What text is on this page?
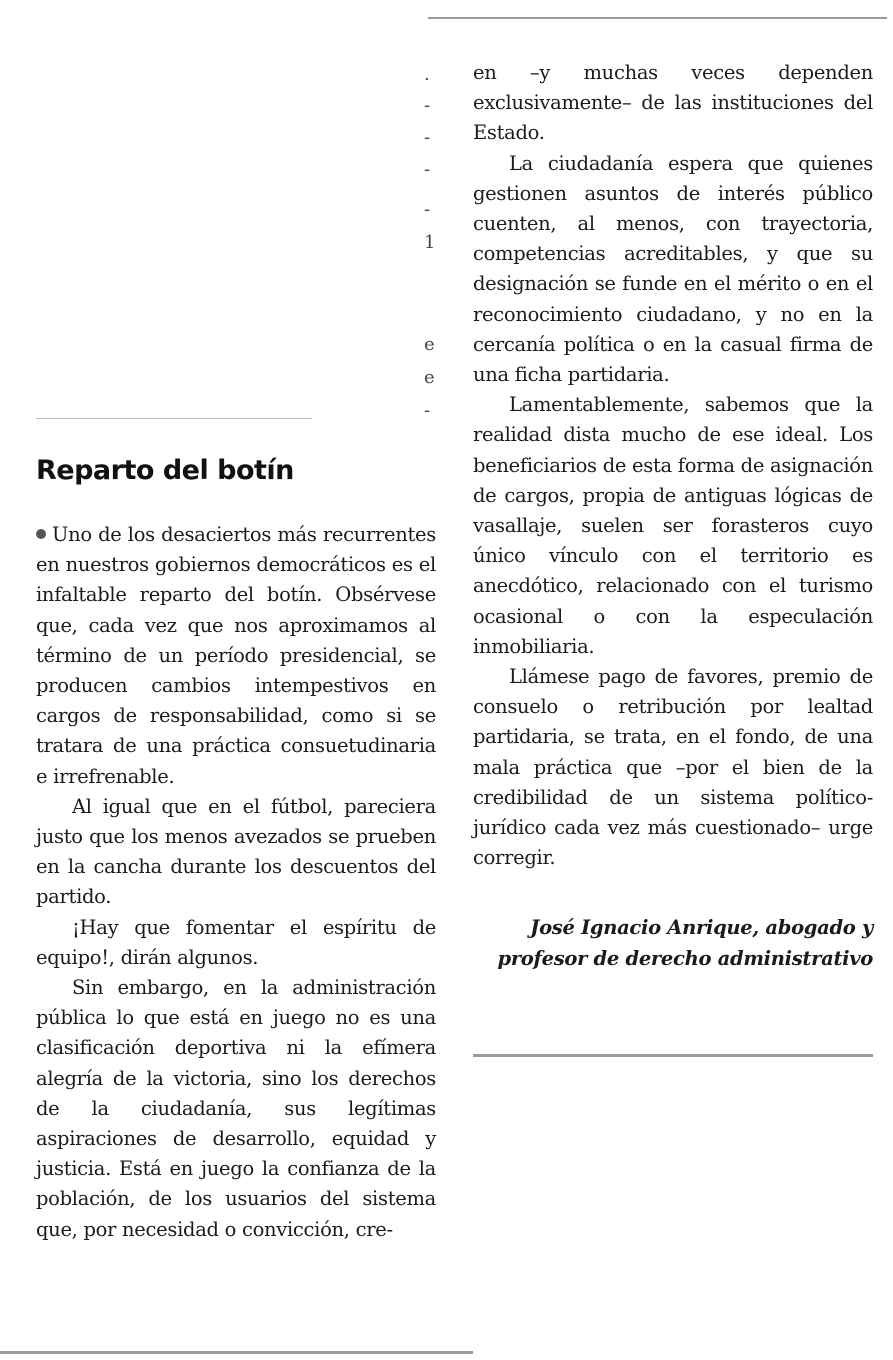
.
-
-
-
-
1
e
e
-
Reparto del botín

Uno de los desaciertos más recurrentes en nuestros gobiernos democráticos es el infaltable reparto del botín. Obsérvese que, cada vez que nos aproximamos al término de un período presidencial, se producen cambios intempestivos en cargos de responsabilidad, como si se tratara de una práctica consuetudinaria e irrefrenable.

Al igual que en el fútbol, pareciera justo que los menos avezados se prueben en la cancha durante los descuentos del partido.

¡Hay que fomentar el espíritu de equipo!, dirán algunos.

Sin embargo, en la administración pública lo que está en juego no es una clasificación deportiva ni la efímera alegría de la victoria, sino los derechos de la ciudadanía, sus legítimas aspiraciones de desarrollo, equidad y justicia. Está en juego la confianza de la población, de los usuarios del sistema que, por necesidad o convicción, cre-

en –y muchas veces dependen exclusivamente– de las instituciones del Estado.

La ciudadanía espera que quienes gestionen asuntos de interés público cuenten, al menos, con trayectoria, competencias acreditables, y que su designación se funde en el mérito o en el reconocimiento ciudadano, y no en la cercanía política o en la casual firma de una ficha partidaria.

Lamentablemente, sabemos que la realidad dista mucho de ese ideal. Los beneficiarios de esta forma de asignación de cargos, propia de antiguas lógicas de vasallaje, suelen ser forasteros cuyo único vínculo con el territorio es anecdótico, relacionado con el turismo ocasional o con la especulación inmobiliaria.

Llámese pago de favores, premio de consuelo o retribución por lealtad partidaria, se trata, en el fondo, de una mala práctica que –por el bien de la credibilidad de un sistema político-jurídico cada vez más cuestionado– urge corregir.

José Ignacio Anrique, abogado y
profesor de derecho administrativo
